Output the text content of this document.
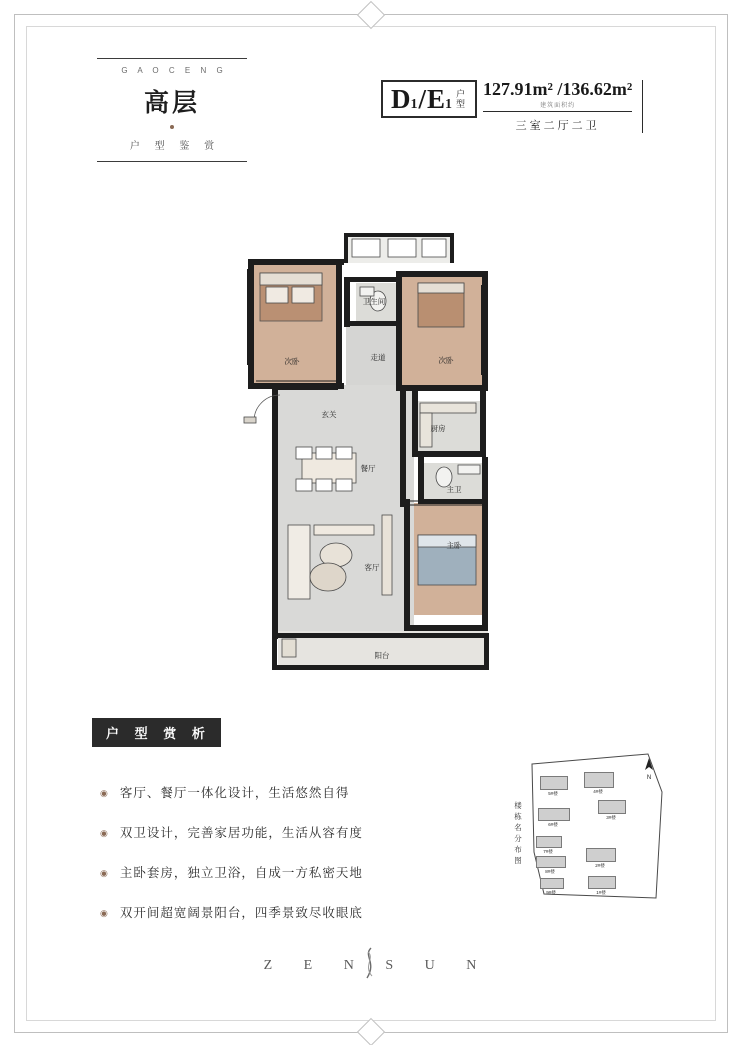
G A O C E N G
高层
户 型 鉴 赏
D 1 / E 1
户型
127.91m² /136.62m²
建筑面积约
三室二厅二卫
次卧
卫生间
走道	次卧
玄关
厨房
餐厅
主卫
客厅
主卧
阳台
户 型 赏 析
◉ 客厅、餐厅一体化设计，生活悠然自得
◉ 双卫设计，完善家居功能，生活从容有度
◉ 主卧套房，独立卫浴，自成一方私密天地
◉ 双开间超宽阔景阳台，四季景致尽收眼底
楼栋名分布图
N
5#楼
6#楼
7#楼
8#楼
9#楼
4#楼
3#楼
2#楼
1#楼
Z E N S U N
